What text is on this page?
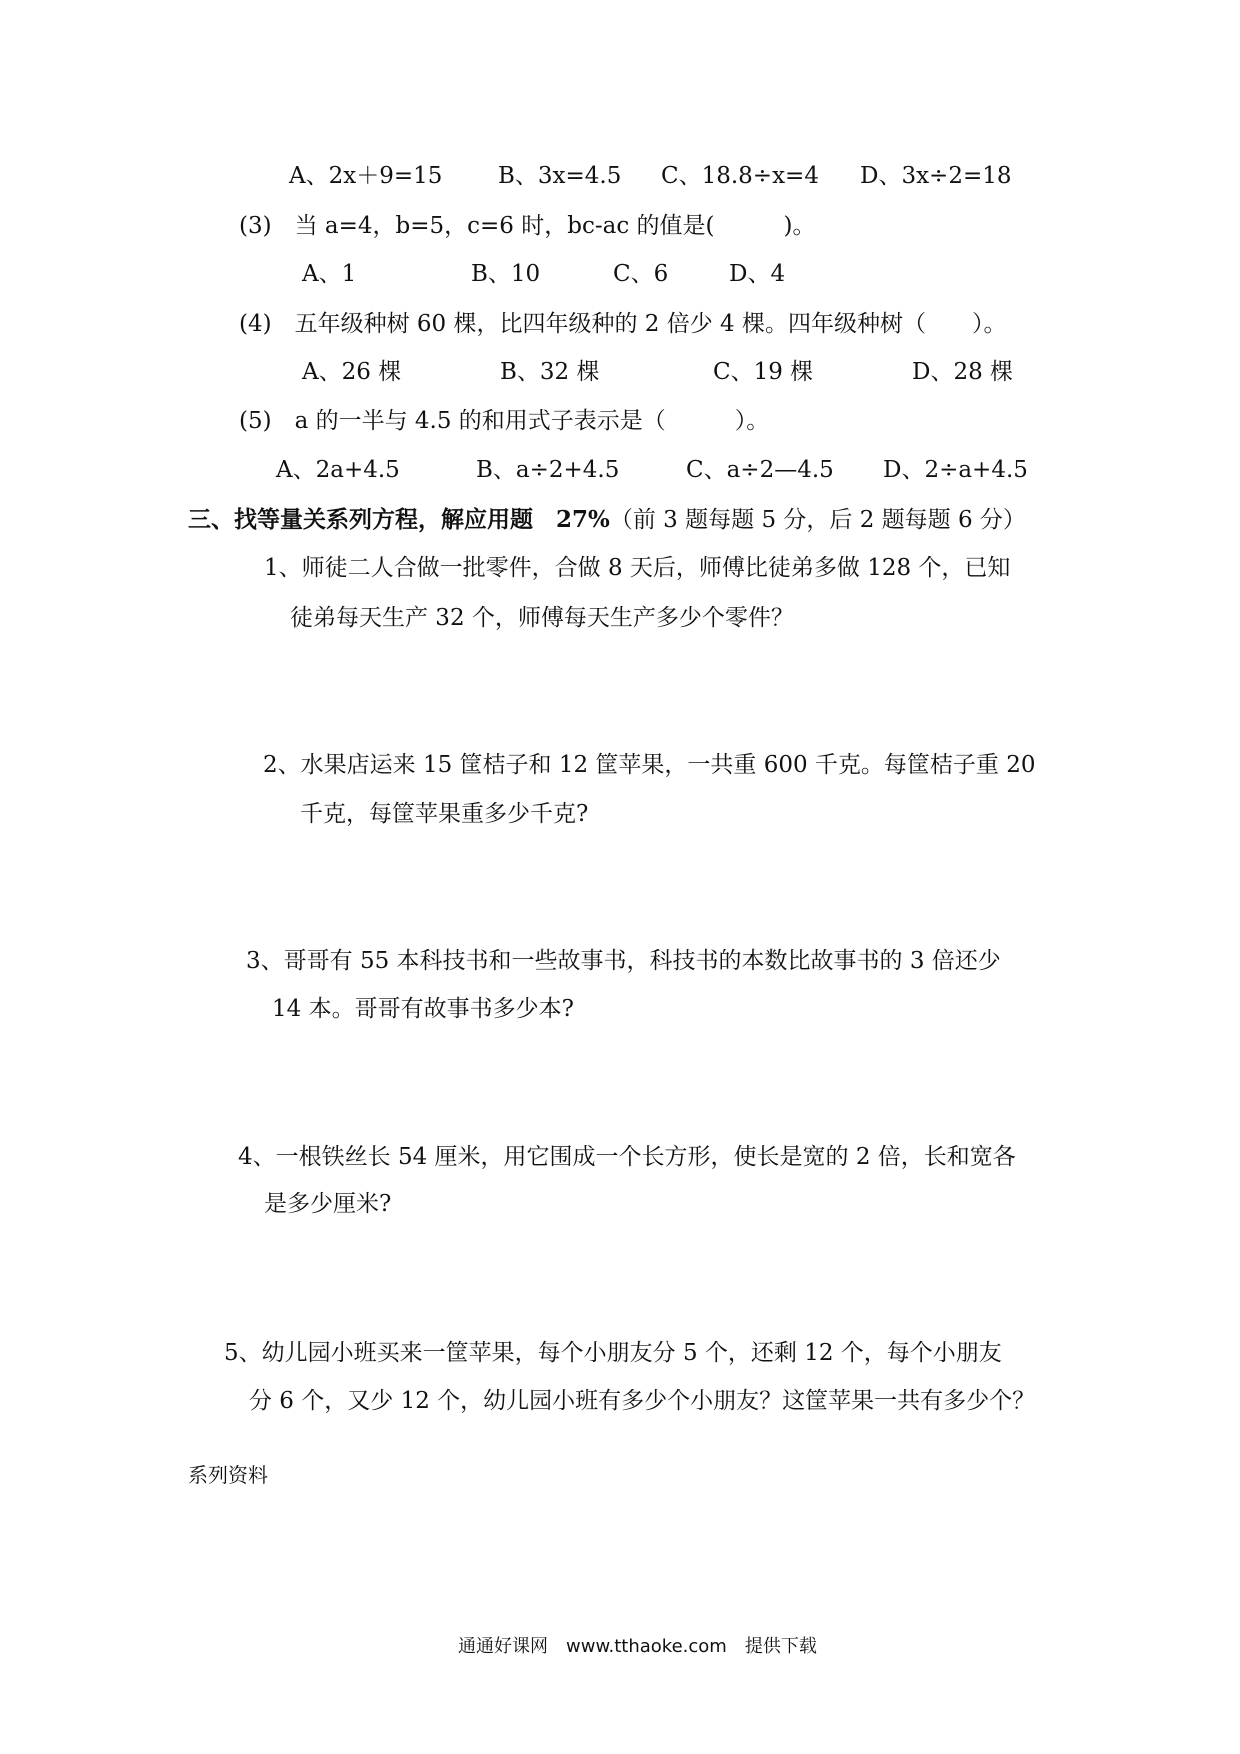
A、2x＋9=15 B、3x=4.5 C、18.8÷x=4 D、3x÷2=18
(3)　当 a=4，b=5，c=6 时，bc-ac 的值是(　　　)。
A、1	B、10	C、6	D、4
(4)　五年级种树 60 棵，比四年级种的 2 倍少 4 棵。四年级种树（　　）。
A、26 棵	B、32 棵	C、19 棵	D、28 棵
(5)　a 的一半与 4.5 的和用式子表示是（　　　）。
A、2a+4.5	B、a÷2+4.5	C、a÷2—4.5 D、2÷a+4.5
三、找等量关系列方程，解应用题　27%（前 3 题每题 5 分，后 2 题每题 6 分）
1、师徒二人合做一批零件，合做 8 天后，师傅比徒弟多做 128 个，已知
徒弟每天生产 32 个，师傅每天生产多少个零件？
2、水果店运来 15 筐桔子和 12 筐苹果，一共重 600 千克。每筐桔子重 20
千克，每筐苹果重多少千克?
3、哥哥有 55 本科技书和一些故事书，科技书的本数比故事书的 3 倍还少
14 本。哥哥有故事书多少本?
4、一根铁丝长 54 厘米，用它围成一个长方形，使长是宽的 2 倍，长和宽各
是多少厘米?
5、幼儿园小班买来一筐苹果，每个小朋友分 5 个，还剩 12 个，每个小朋友
分 6 个，又少 12 个，幼儿园小班有多少个小朋友？这筐苹果一共有多少个？
系列资料
通通好课网　www.tthaoke.com　提供下载
